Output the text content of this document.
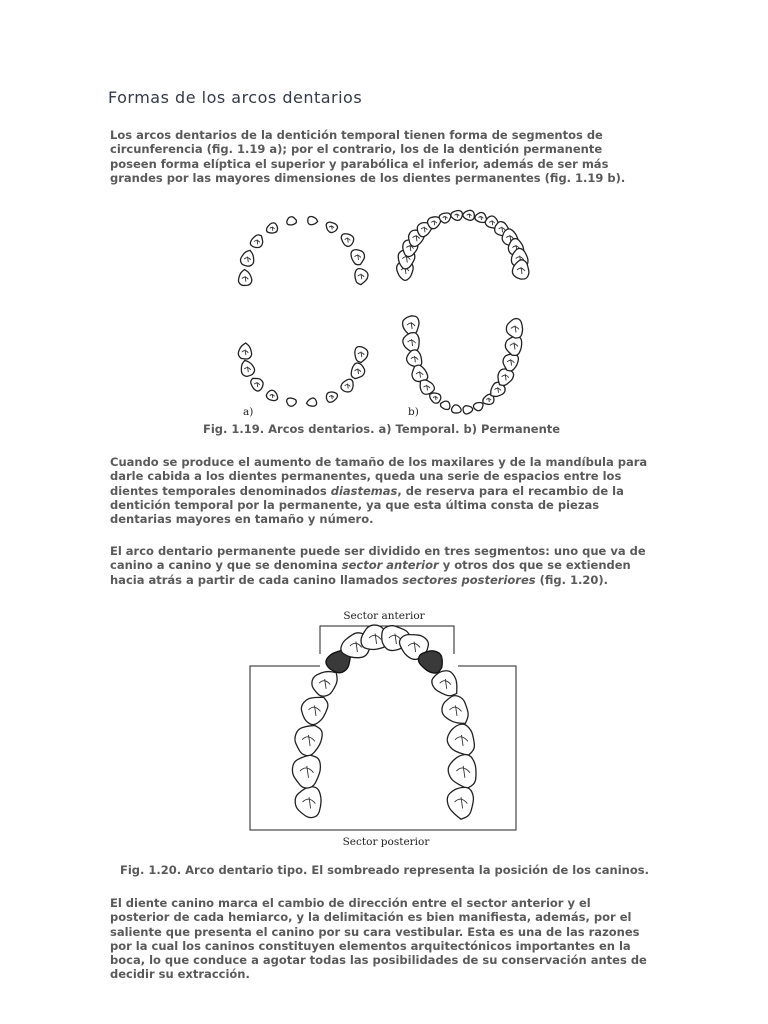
Formas de los arcos dentarios

Los arcos dentarios de la dentición temporal tienen forma de segmentos de circunferencia (fig. 1.19 a); por el contrario, los de la dentición permanente poseen forma elíptica el superior y parabólica el inferior, además de ser más grandes por las mayores dimensiones de los dientes permanentes (fig. 1.19 b).

a)	b)

Fig. 1.19. Arcos dentarios. a) Temporal. b) Permanente

Cuando se produce el aumento de tamaño de los maxilares y de la mandíbula para darle cabida a los dientes permanentes, queda una serie de espacios entre los dientes temporales denominados diastemas, de reserva para el recambio de la dentición temporal por la permanente, ya que esta última consta de piezas dentarias mayores en tamaño y número.

El arco dentario permanente puede ser dividido en tres segmentos: uno que va de canino a canino y que se denomina sector anterior y otros dos que se extienden hacia atrás a partir de cada canino llamados sectores posteriores (fig. 1.20).

Sector anterior
Sector posterior

Fig. 1.20. Arco dentario tipo. El sombreado representa la posición de los caninos.

El diente canino marca el cambio de dirección entre el sector anterior y el posterior de cada hemiarco, y la delimitación es bien manifiesta, además, por el saliente que presenta el canino por su cara vestibular. Esta es una de las razones por la cual los caninos constituyen elementos arquitectónicos importantes en la boca, lo que conduce a agotar todas las posibilidades de su conservación antes de decidir su extracción.
